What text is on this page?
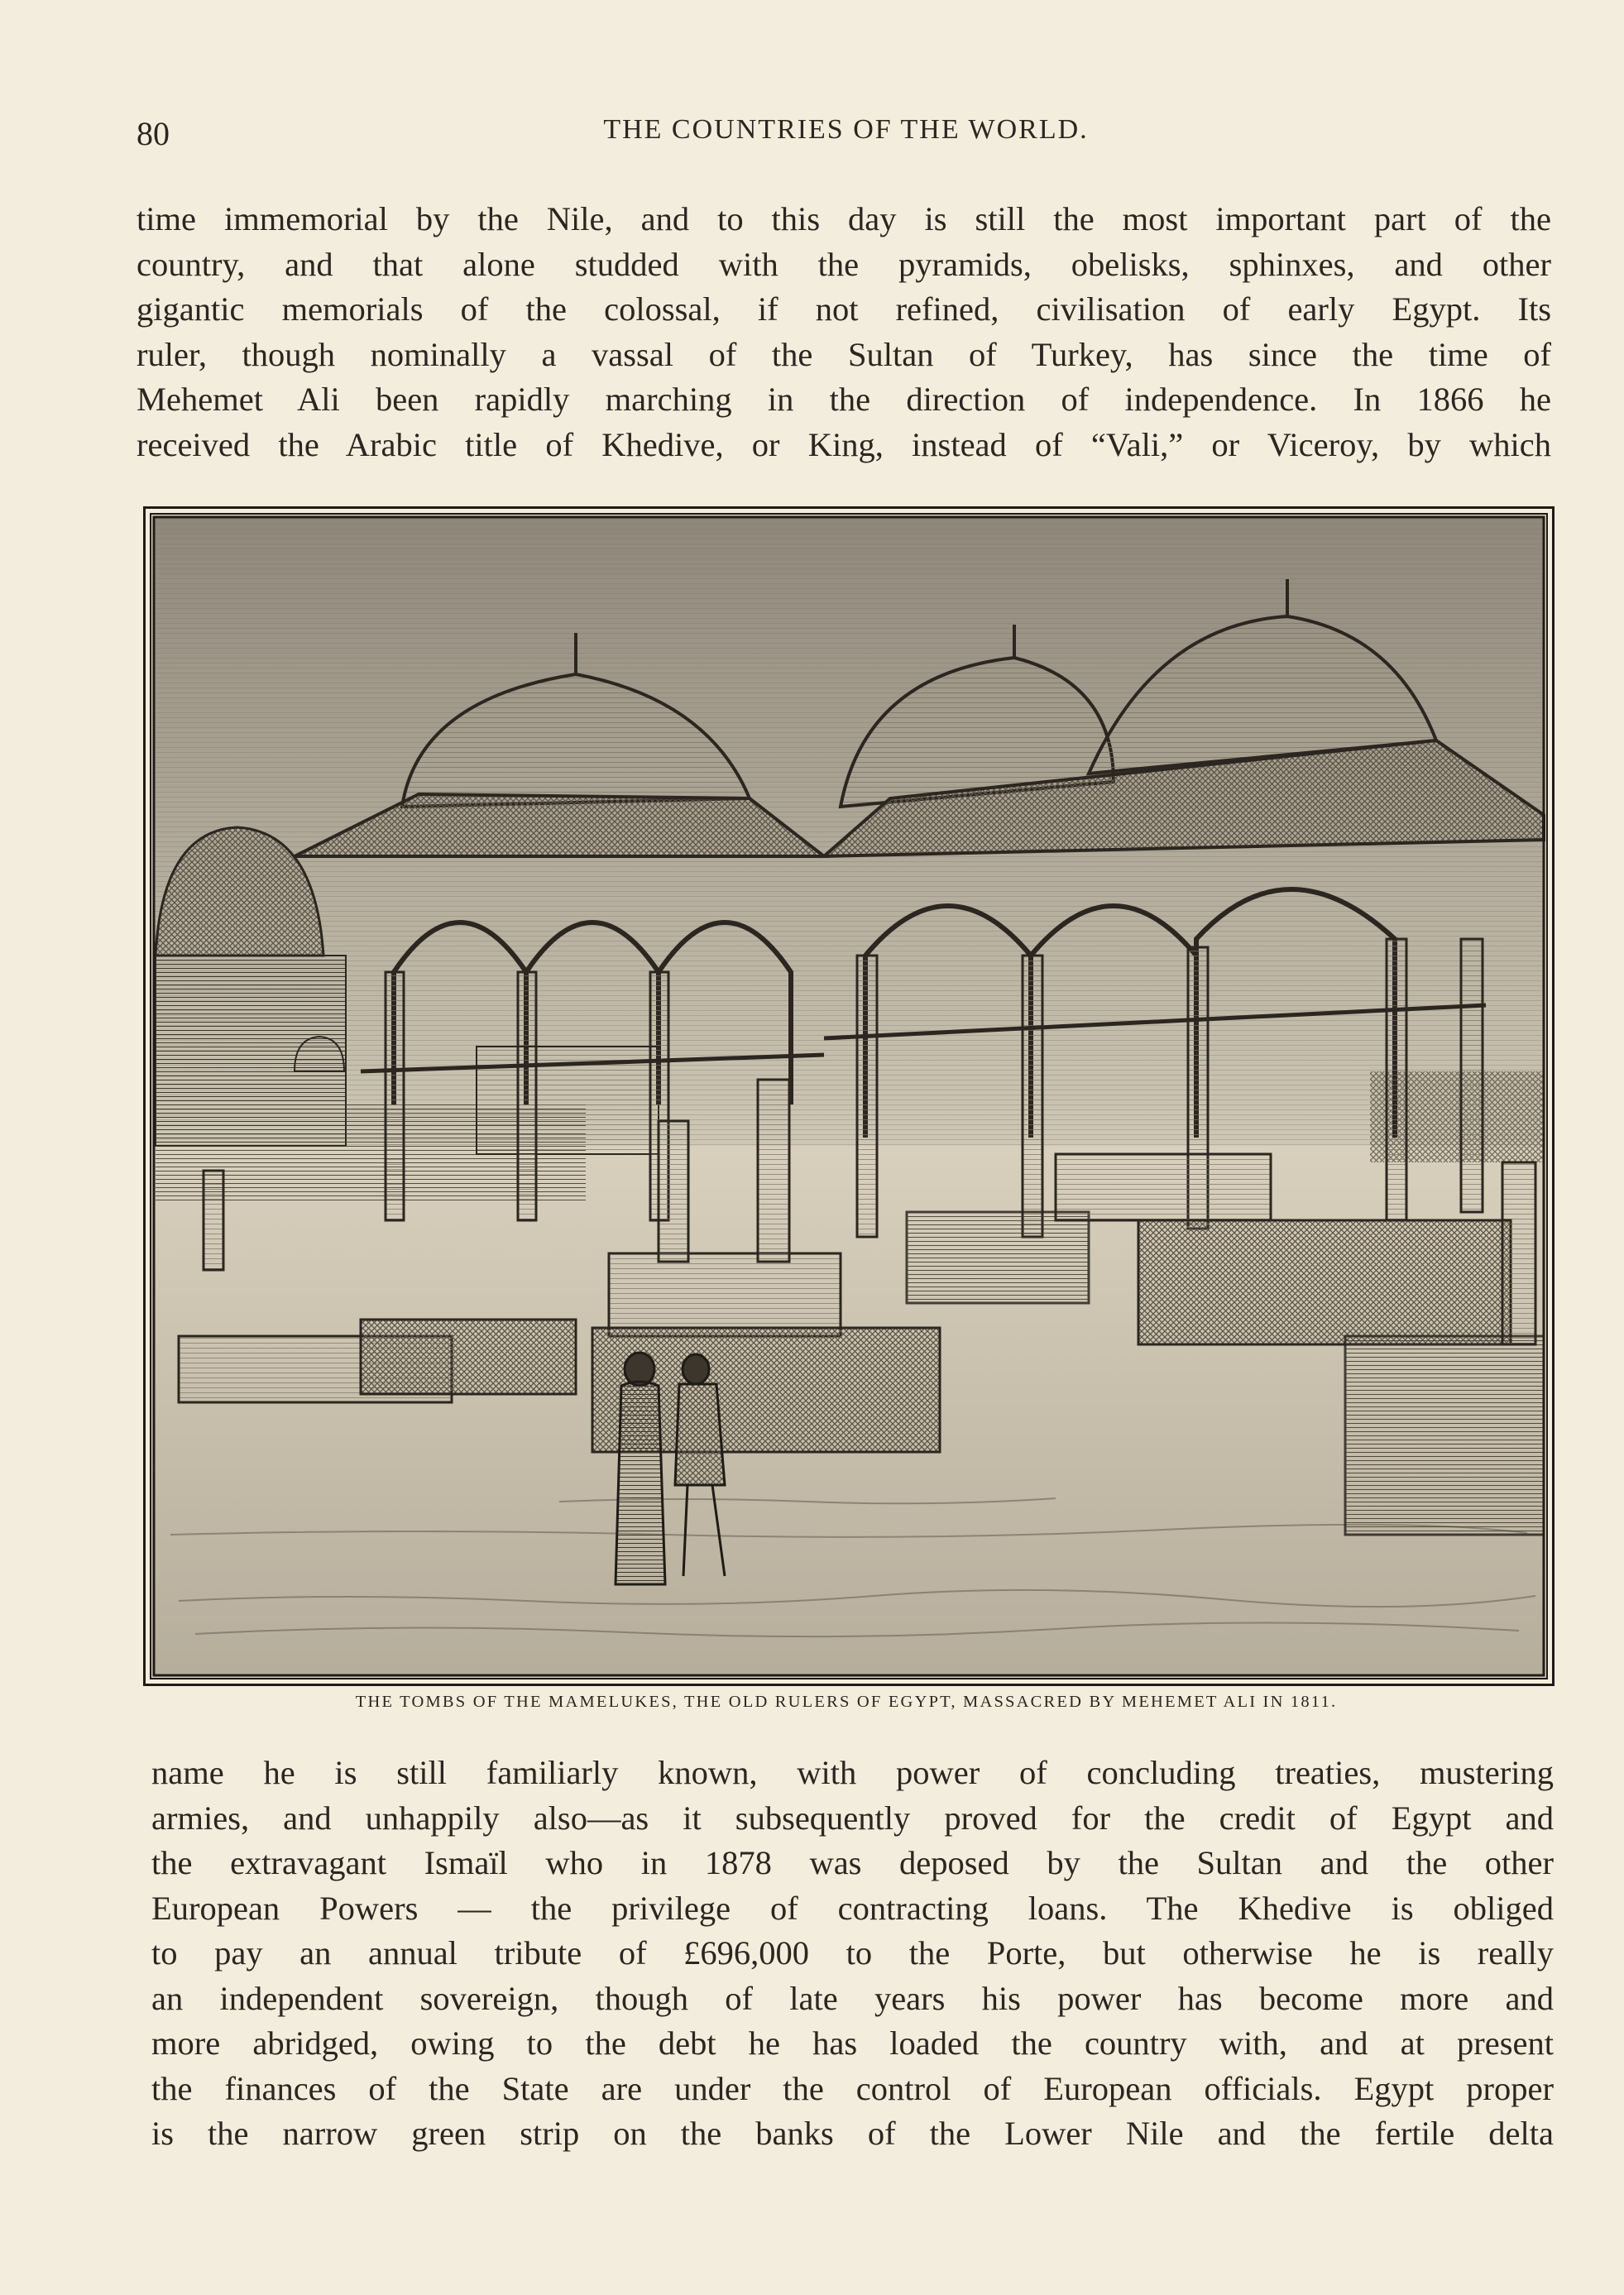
80	THE COUNTRIES OF THE WORLD.
time immemorial by the Nile, and to this day is still the most important part of the
country, and that alone studded with the pyramids, obelisks, sphinxes, and other
gigantic memorials of the colossal, if not refined, civilisation of early Egypt. Its
ruler, though nominally a vassal of the Sultan of Turkey, has since the time of
Mehemet Ali been rapidly marching in the direction of independence. In 1866 he
received the Arabic title of Khedive, or King, instead of “Vali,” or Viceroy, by which
THE TOMBS OF THE MAMELUKES, THE OLD RULERS OF EGYPT, MASSACRED BY MEHEMET ALI IN 1811.
name he is still familiarly known, with power of concluding treaties, mustering
armies, and unhappily also—as it subsequently proved for the credit of Egypt and
the extravagant Ismaïl who in 1878 was deposed by the Sultan and the other
European Powers — the privilege of contracting loans. The Khedive is obliged
to pay an annual tribute of £696,000 to the Porte, but otherwise he is really
an independent sovereign, though of late years his power has become more and
more abridged, owing to the debt he has loaded the country with, and at present
the finances of the State are under the control of European officials. Egypt proper
is the narrow green strip on the banks of the Lower Nile and the fertile delta
